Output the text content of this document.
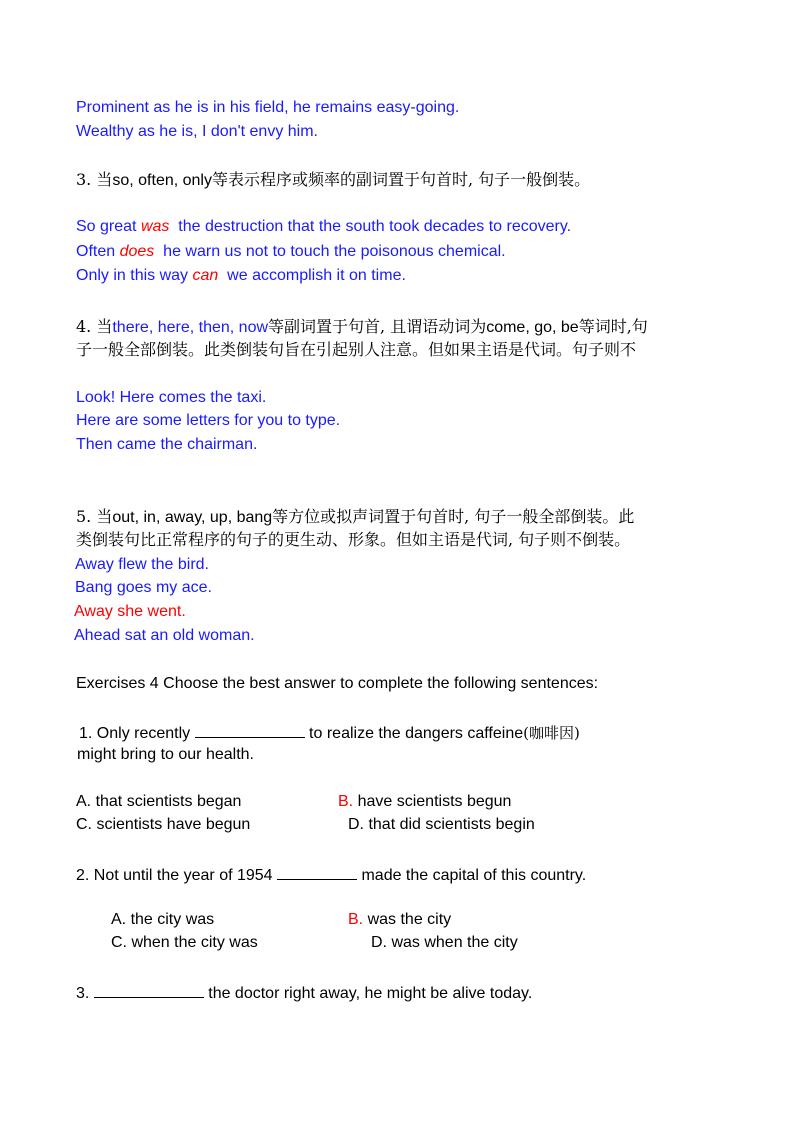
Prominent as he is in his field, he remains easy-going.
Wealthy as he is, I don't envy him.
3. 当so, often, only等表示程序或频率的副词置于句首时, 句子一般倒装。
So great was  the destruction that the south took decades to recovery.
Often does  he warn us not to touch the poisonous chemical.
Only in this way can  we accomplish it on time.
4. 当there, here, then, now等副词置于句首, 且谓语动词为come, go, be等词时,句
子一般全部倒装。此类倒装句旨在引起别人注意。但如果主语是代词。句子则不
Look! Here comes the taxi.
Here are some letters for you to type.
Then came the chairman.
5. 当out, in, away, up, bang等方位或拟声词置于句首时, 句子一般全部倒装。此
类倒装句比正常程序的句子的更生动、形象。但如主语是代词, 句子则不倒装。
Away flew the bird.
Bang goes my ace.
Away she went.
Ahead sat an old woman.
Exercises 4 Choose the best answer to complete the following sentences:
1. Only recently	to realize the dangers caffeine(咖啡因)
might bring to our health.
A. that scientists began	B. have scientists begun
C. scientists have begun	D. that did scientists begin
2. Not until the year of 1954	made the capital of this country.
A. the city was	B. was the city
C. when the city was	D. was when the city
3.	the doctor right away, he might be alive today.
